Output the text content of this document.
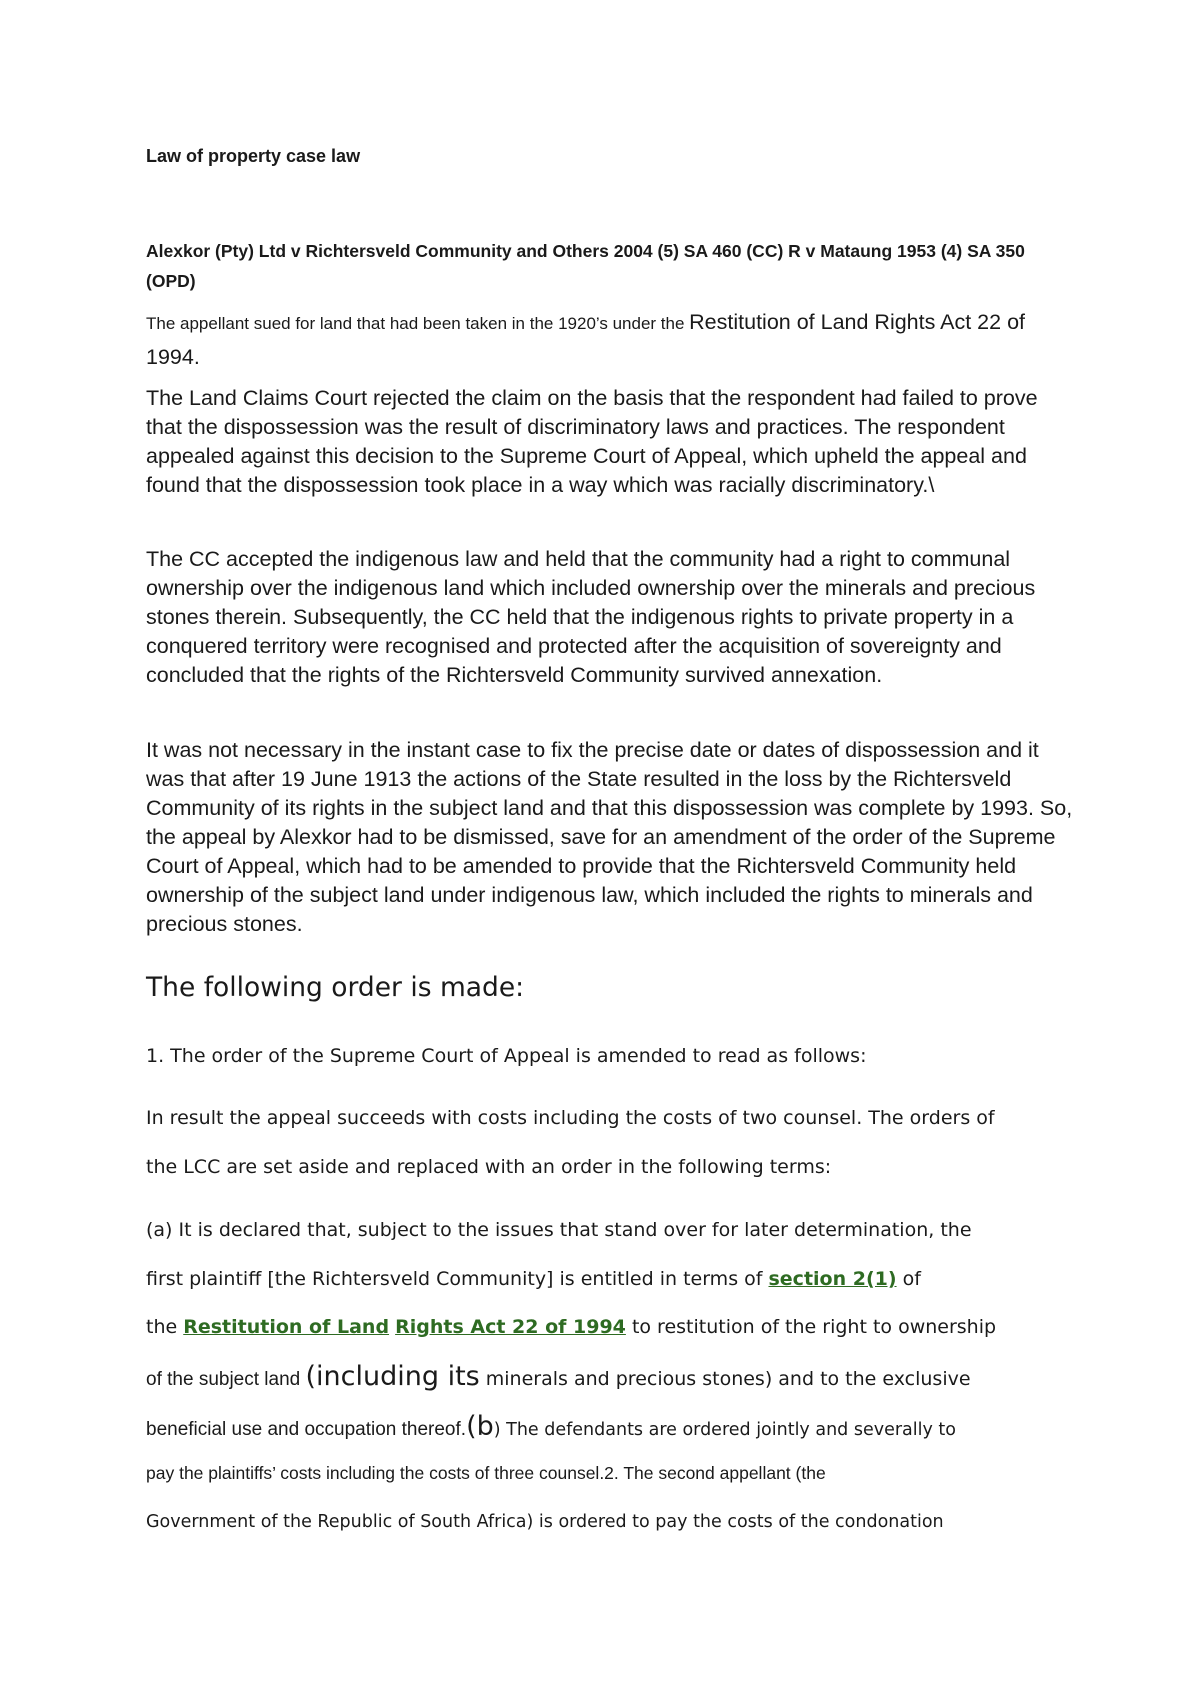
Law of property case law
Alexkor (Pty) Ltd v Richtersveld Community and Others 2004 (5) SA 460 (CC) R v Mataung 1953 (4) SA 350 (OPD)
The appellant sued for land that had been taken in the 1920’s under the Restitution of Land Rights Act 22 of 1994.
The Land Claims Court rejected the claim on the basis that the respondent had failed to prove that the dispossession was the result of discriminatory laws and practices. The respondent appealed against this decision to the Supreme Court of Appeal, which upheld the appeal and found that the dispossession took place in a way which was racially discriminatory.\
The CC accepted the indigenous law and held that the community had a right to communal ownership over the indigenous land which included ownership over the minerals and precious stones therein. Subsequently, the CC held that the indigenous rights to private property in a conquered territory were recognised and protected after the acquisition of sovereignty and concluded that the rights of the Richtersveld Community survived annexation.
It was not necessary in the instant case to fix the precise date or dates of dispossession and it was that after 19 June 1913 the actions of the State resulted in the loss by the Richtersveld Community of its rights in the subject land and that this dispossession was complete by 1993. So, the appeal by Alexkor had to be dismissed, save for an amendment of the order of the Supreme Court of Appeal, which had to be amended to provide that the Richtersveld Community held ownership of the subject land under indigenous law, which included the rights to minerals and precious stones.
The following order is made:
1. The order of the Supreme Court of Appeal is amended to read as follows:
In result the appeal succeeds with costs including the costs of two counsel. The orders of
the LCC are set aside and replaced with an order in the following terms:
(a) It is declared that, subject to the issues that stand over for later determination, the
first plaintiff [the Richtersveld Community] is entitled in terms of section 2(1) of
the Restitution of Land Rights Act 22 of 1994 to restitution of the right to ownership
of the subject land (including its minerals and precious stones) and to the exclusive
beneficial use and occupation thereof.(b) The defendants are ordered jointly and severally to
pay the plaintiffs’ costs including the costs of three counsel.2. The second appellant (the
Government of the Republic of South Africa) is ordered to pay the costs of the condonation
